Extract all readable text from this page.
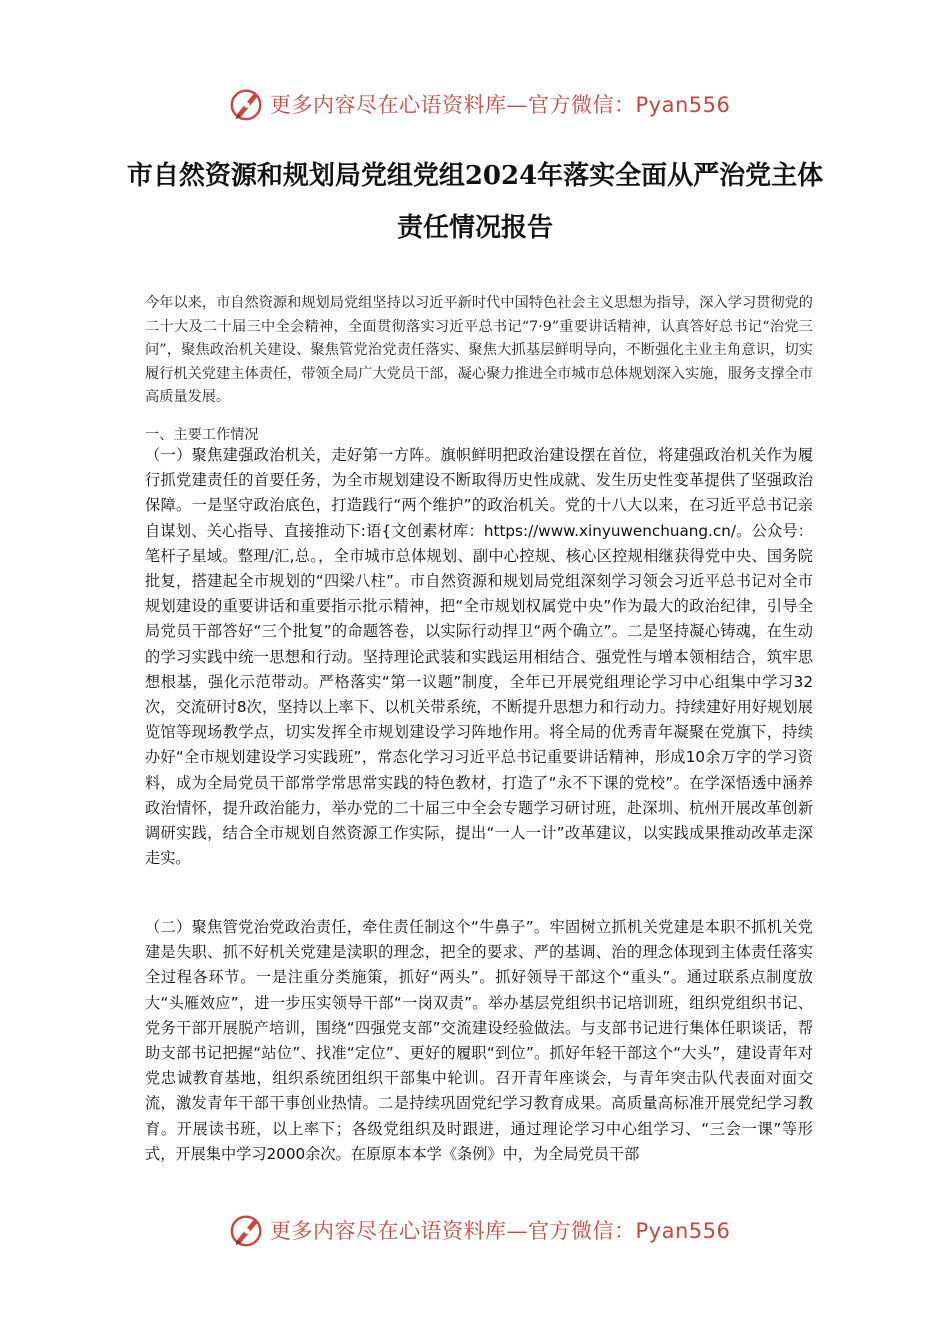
更多内容尽在心语资料库—官方微信：Pyan556
市自然资源和规划局党组党组2024年落实全面从严治党主体责任情况报告

今年以来，市自然资源和规划局党组坚持以习近平新时代中国特色社会主义思想为指导，深入学习贯彻党的二十大及二十届三中全会精神，全面贯彻落实习近平总书记“7·9”重要讲话精神，认真答好总书记“治党三问”，聚焦政治机关建设、聚焦管党治党责任落实、聚焦大抓基层鲜明导向，不断强化主业主角意识，切实履行机关党建主体责任，带领全局广大党员干部，凝心聚力推进全市城市总体规划深入实施，服务支撑全市高质量发展。

一、主要工作情况

（一）聚焦建强政治机关，走好第一方阵。旗帜鲜明把政治建设摆在首位，将建强政治机关作为履行抓党建责任的首要任务，为全市规划建设不断取得历史性成就、发生历史性变革提供了坚强政治保障。一是坚守政治底色，打造践行“两个维护”的政治机关。党的十八大以来，在习近平总书记亲自谋划、关心指导、直接推动下:语{文创素材库：https://www.xinyuwenchuang.cn/。公众号：笔杆子星域。整理/汇,总。，全市城市总体规划、副中心控规、核心区控规相继获得党中央、国务院批复，搭建起全市规划的“四梁八柱”。市自然资源和规划局党组深刻学习领会习近平总书记对全市规划建设的重要讲话和重要指示批示精神，把“全市规划权属党中央”作为最大的政治纪律，引导全局党员干部答好“三个批复”的命题答卷，以实际行动捍卫“两个确立”。二是坚持凝心铸魂，在生动的学习实践中统一思想和行动。坚持理论武装和实践运用相结合、强党性与增本领相结合，筑牢思想根基，强化示范带动。严格落实“第一议题”制度，全年已开展党组理论学习中心组集中学习32次，交流研讨8次，坚持以上率下、以机关带系统，不断提升思想力和行动力。持续建好用好规划展览馆等现场教学点，切实发挥全市规划建设学习阵地作用。将全局的优秀青年凝聚在党旗下，持续办好“全市规划建设学习实践班”，常态化学习习近平总书记重要讲话精神，形成10余万字的学习资料，成为全局党员干部常学常思常实践的特色教材，打造了“永不下课的党校”。在学深悟透中涵养政治情怀，提升政治能力，举办党的二十届三中全会专题学习研讨班，赴深圳、杭州开展改革创新调研实践，结合全市规划自然资源工作实际，提出“一人一计”改革建议，以实践成果推动改革走深走实。

（二）聚焦管党治党政治责任，牵住责任制这个“牛鼻子”。牢固树立抓机关党建是本职不抓机关党建是失职、抓不好机关党建是渎职的理念，把全的要求、严的基调、治的理念体现到主体责任落实全过程各环节。一是注重分类施策，抓好“两头”。抓好领导干部这个“重头”。通过联系点制度放大“头雁效应”，进一步压实领导干部“一岗双责”。举办基层党组织书记培训班，组织党组织书记、党务干部开展脱产培训，围绕“四强党支部”交流建设经验做法。与支部书记进行集体任职谈话，帮助支部书记把握“站位”、找准“定位”、更好的履职“到位”。抓好年轻干部这个“大头”，建设青年对党忠诚教育基地，组织系统团组织干部集中轮训。召开青年座谈会，与青年突击队代表面对面交流，激发青年干部干事创业热情。二是持续巩固党纪学习教育成果。高质量高标准开展党纪学习教育。开展读书班，以上率下；各级党组织及时跟进，通过理论学习中心组学习、“三会一课”等形式，开展集中学习2000余次。在原原本本学《条例》中，为全局党员干部

更多内容尽在心语资料库—官方微信：Pyan556
